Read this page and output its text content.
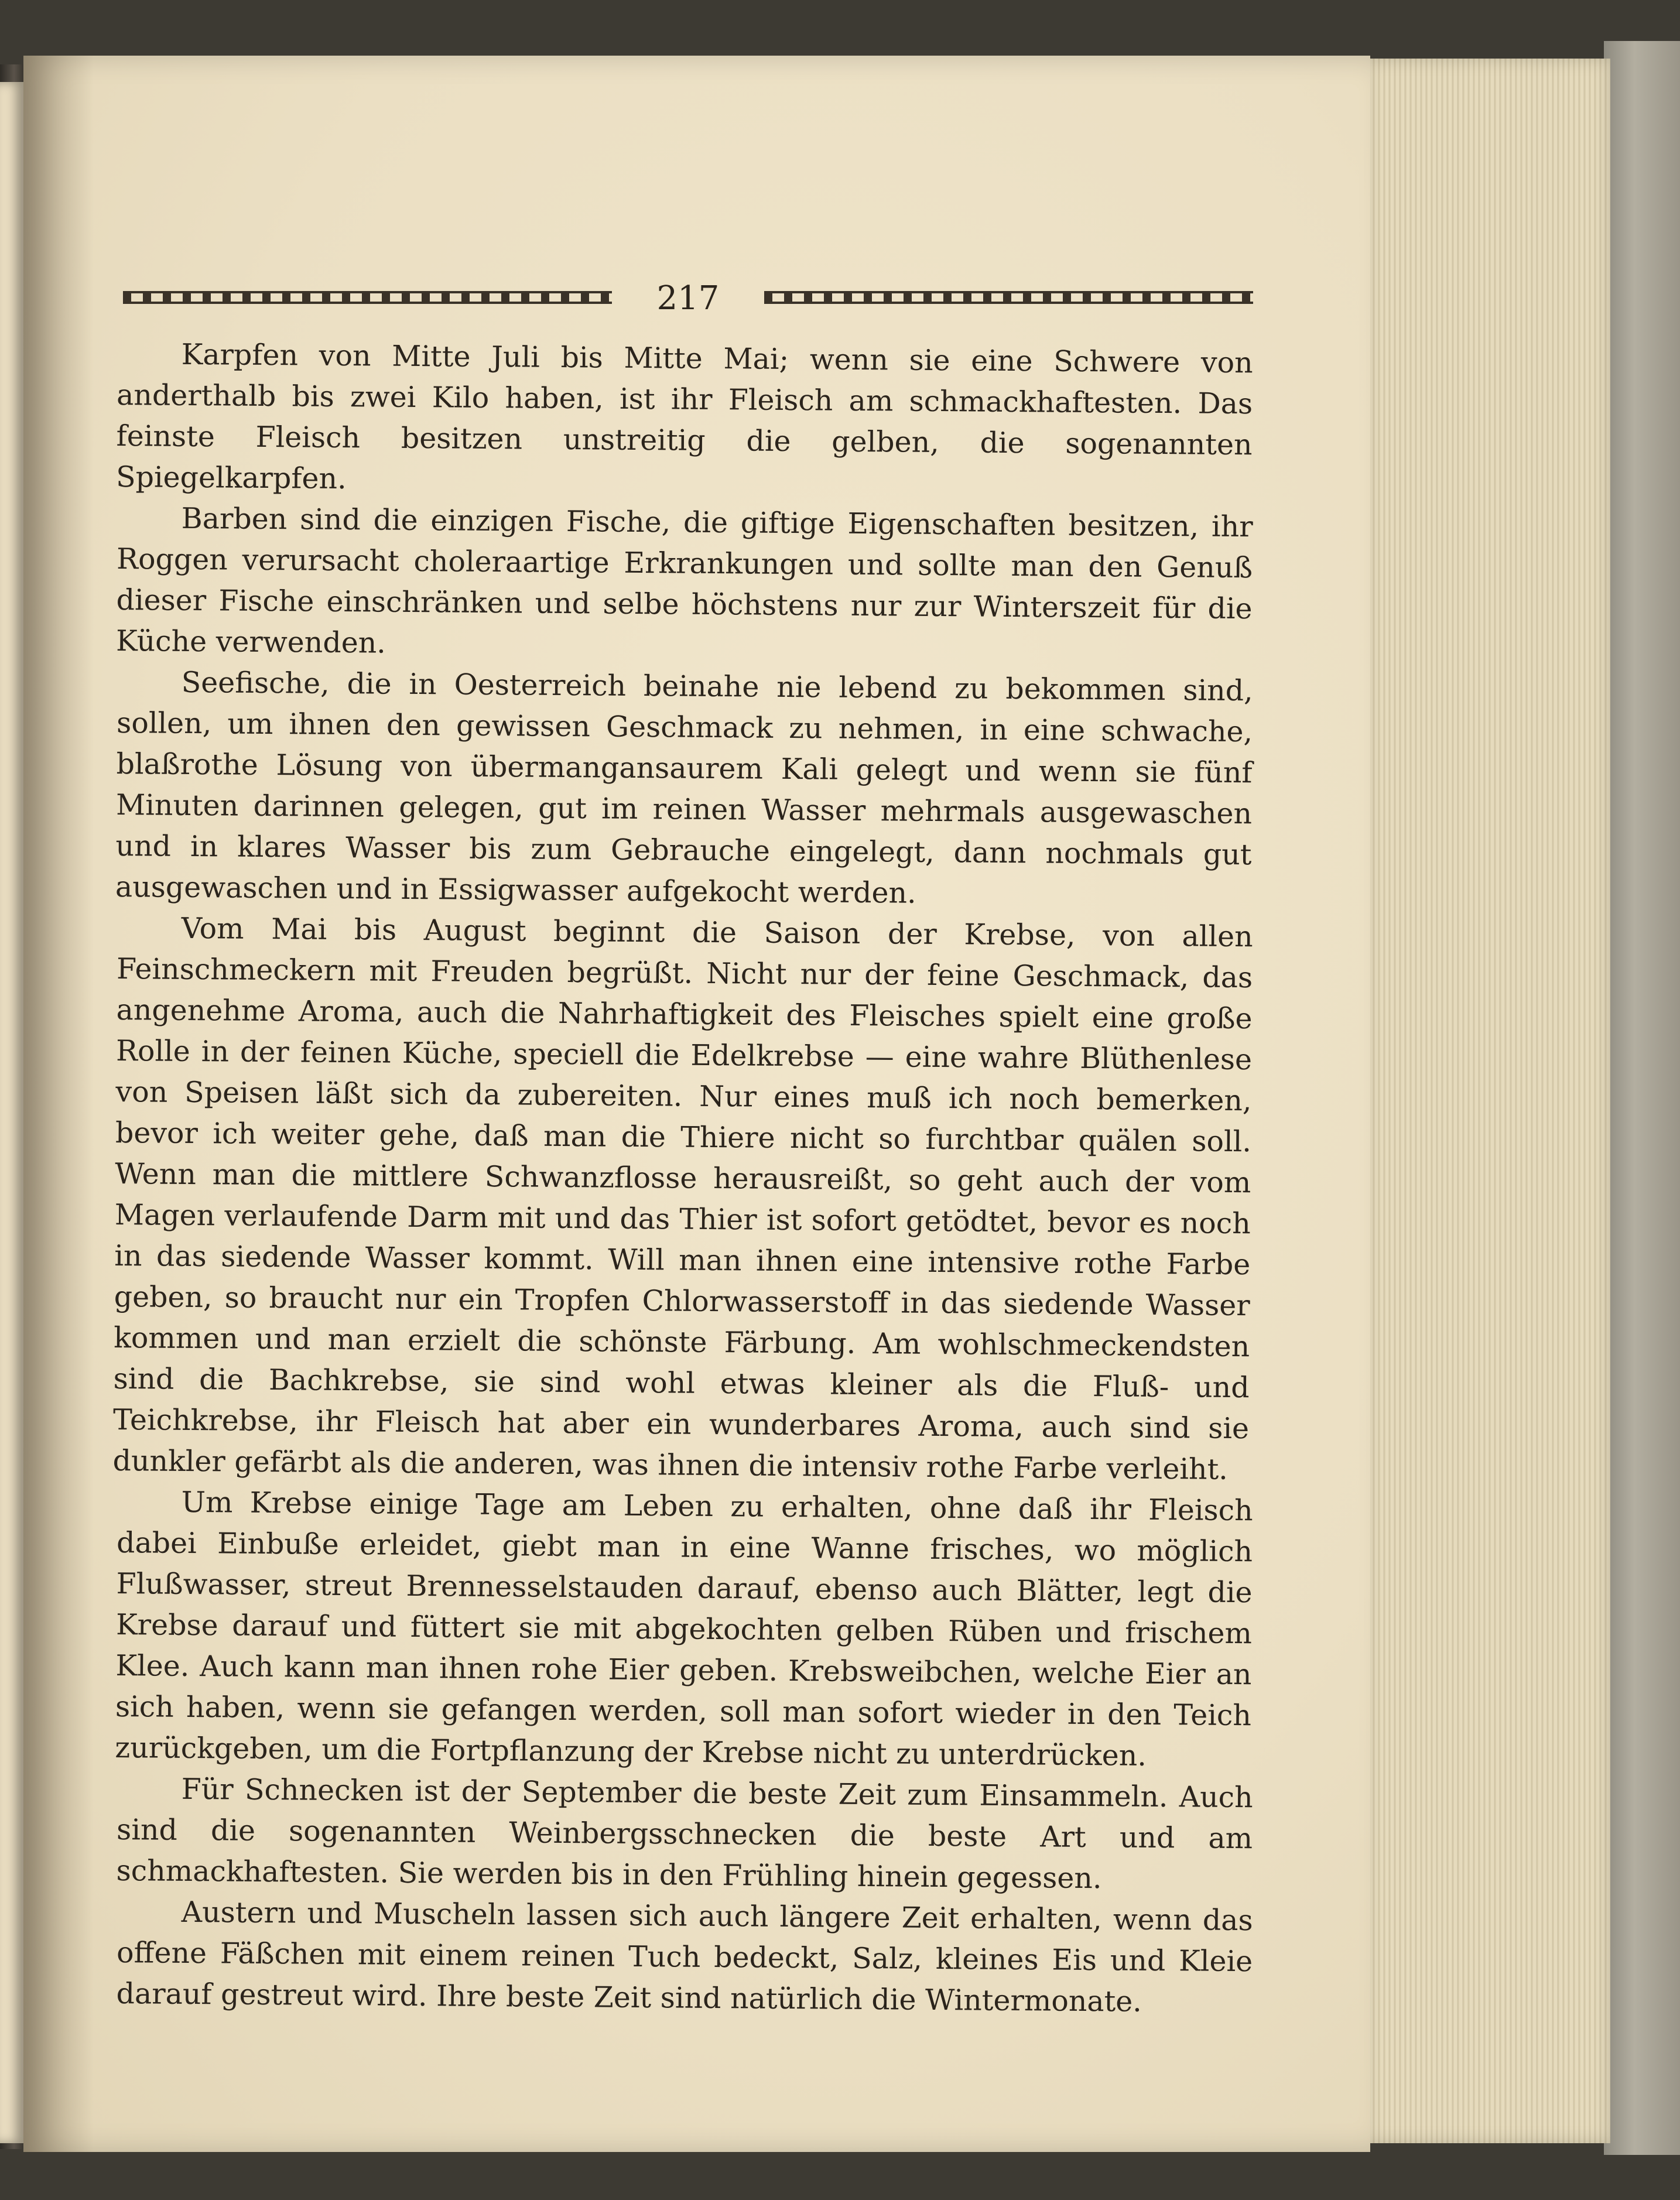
217

Karpfen von Mitte Juli bis Mitte Mai; wenn sie eine Schwere von anderthalb bis zwei Kilo haben, ist ihr Fleisch am schmackhaftesten. Das feinste Fleisch besitzen unstreitig die gelben, die sogenannten Spiegelkarpfen.

Barben sind die einzigen Fische, die giftige Eigenschaften besitzen, ihr Roggen verursacht choleraartige Erkrankungen und sollte man den Genuß dieser Fische einschränken und selbe höchstens nur zur Winterszeit für die Küche verwenden.

Seefische, die in Oesterreich beinahe nie lebend zu bekommen sind, sollen, um ihnen den gewissen Geschmack zu nehmen, in eine schwache, blaßrothe Lösung von übermangansaurem Kali gelegt und wenn sie fünf Minuten darinnen gelegen, gut im reinen Wasser mehrmals ausgewaschen und in klares Wasser bis zum Gebrauche eingelegt, dann nochmals gut ausgewaschen und in Essigwasser aufgekocht werden.

Vom Mai bis August beginnt die Saison der Krebse, von allen Feinschmeckern mit Freuden begrüßt. Nicht nur der feine Geschmack, das angenehme Aroma, auch die Nahrhaftigkeit des Fleisches spielt eine große Rolle in der feinen Küche, speciell die Edelkrebse — eine wahre Blüthenlese von Speisen läßt sich da zubereiten. Nur eines muß ich noch bemerken, bevor ich weiter gehe, daß man die Thiere nicht so furchtbar quälen soll. Wenn man die mittlere Schwanzflosse herausreißt, so geht auch der vom Magen verlaufende Darm mit und das Thier ist sofort getödtet, bevor es noch in das siedende Wasser kommt. Will man ihnen eine intensive rothe Farbe geben, so braucht nur ein Tropfen Chlorwasserstoff in das siedende Wasser kommen und man erzielt die schönste Färbung. Am wohlschmeckendsten sind die Bachkrebse, sie sind wohl etwas kleiner als die Fluß- und Teichkrebse, ihr Fleisch hat aber ein wunderbares Aroma, auch sind sie dunkler gefärbt als die anderen, was ihnen die intensiv rothe Farbe verleiht.

Um Krebse einige Tage am Leben zu erhalten, ohne daß ihr Fleisch dabei Einbuße erleidet, giebt man in eine Wanne frisches, wo möglich Flußwasser, streut Brennesselstauden darauf, ebenso auch Blätter, legt die Krebse darauf und füttert sie mit abgekochten gelben Rüben und frischem Klee. Auch kann man ihnen rohe Eier geben. Krebsweibchen, welche Eier an sich haben, wenn sie gefangen werden, soll man sofort wieder in den Teich zurückgeben, um die Fortpflanzung der Krebse nicht zu unterdrücken.

Für Schnecken ist der September die beste Zeit zum Einsammeln. Auch sind die sogenannten Weinbergsschnecken die beste Art und am schmackhaftesten. Sie werden bis in den Frühling hinein gegessen.

Austern und Muscheln lassen sich auch längere Zeit erhalten, wenn das offene Fäßchen mit einem reinen Tuch bedeckt, Salz, kleines Eis und Kleie darauf gestreut wird. Ihre beste Zeit sind natürlich die Wintermonate.
